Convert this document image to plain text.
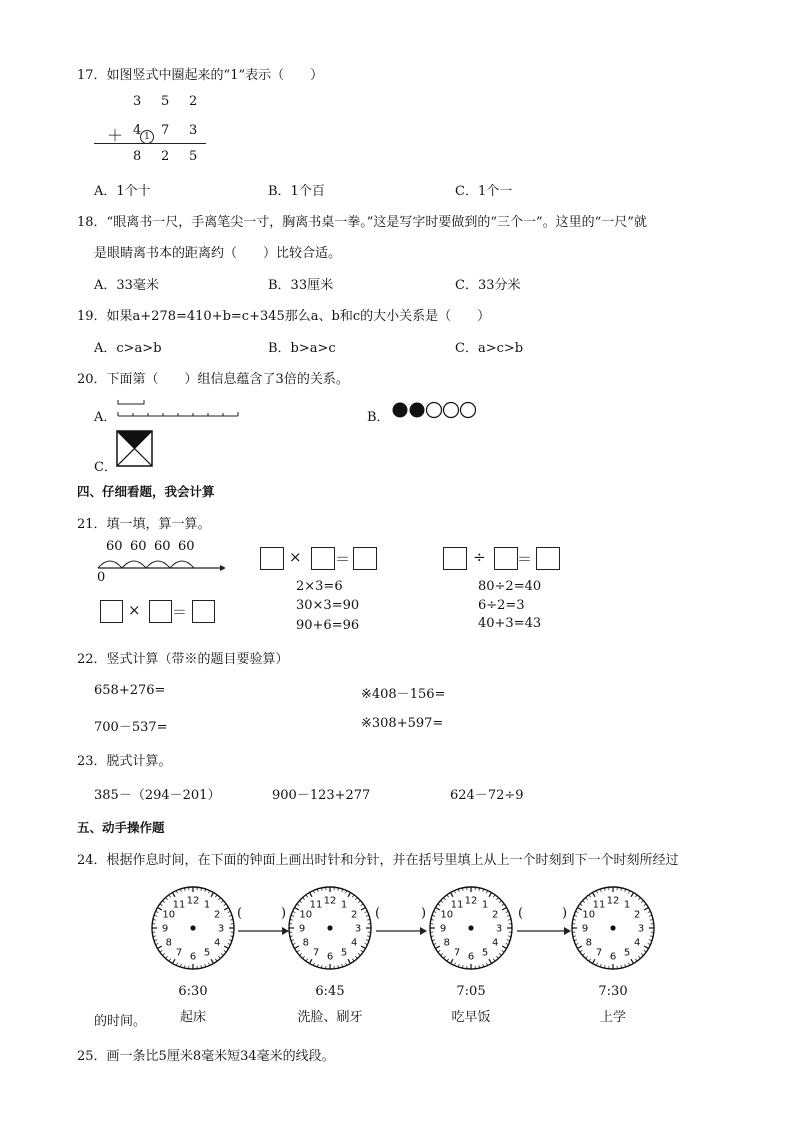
17．如图竖式中圈起来的“1”表示（　　）
3 5 2
＋ 4 1 7 3
8 2 5
A．1个十	B．1个百	C．1个一
18．“眼离书一尺，手离笔尖一寸，胸离书桌一拳。”这是写字时要做到的“三个一”。这里的“一尺”就
是眼睛离书本的距离约（　　）比较合适。
A．33毫米	B．33厘米	C．33分米
19．如果a+278=410+b=c+345那么a、b和c的大小关系是（　　）
A．c>a>b	B．b>a>c	C．a>c>b
20．下面第（　　）组信息蕴含了3倍的关系。
A．	B．
C．
四、仔细看题，我会计算
21．填一填，算一算。
60 60 60 60
0
× ＝	÷ ＝
× ＝
2×3=6
30×3=90
90+6=96
80÷2=40
6÷2=3
40+3=43
22．竖式计算（带※的题目要验算）
658+276=	※408－156=
700－537=	※308+597=
23．脱式计算。
385－（294－201）	900－123+277	624－72÷9
五、动手操作题
24．根据作息时间，在下面的钟面上画出时针和分针，并在括号里填上从上一个时刻到下一个时刻所经过
12 1
2
3
4
5
6
7
8
9
10
11	12 1
2
3
4
5
6
7
8
9
10
11	12 1
2
3
4
5
6
7
8
9
10
11	12 1
2
3
4
5
6
7
8
9
10
11
(	)	(	)	(	)
6:30	6:45	7:05	7:30
起床	洗脸、刷牙	吃早饭	上学
的时间。
25．画一条比5厘米8毫米短34毫米的线段。
